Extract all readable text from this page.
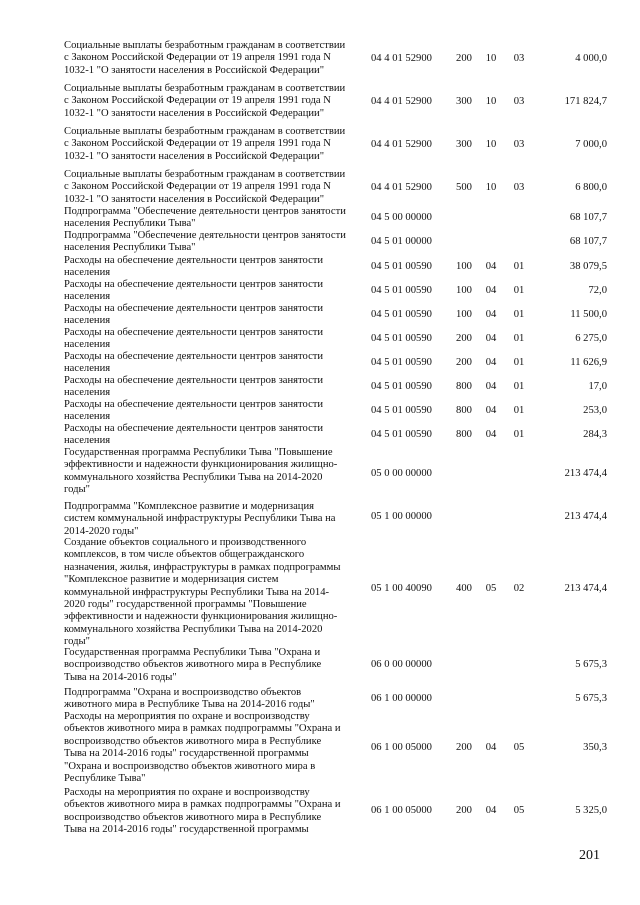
Социальные выплаты безработным гражданам в соответствии
с Законом Российской Федерации от 19 апреля 1991 года N
1032-1 "О занятости населения в Российской Федерации"
04 4 01 52900	200	10	03	4 000,0
Социальные выплаты безработным гражданам в соответствии
с Законом Российской Федерации от 19 апреля 1991 года N
1032-1 "О занятости населения в Российской Федерации"
04 4 01 52900	300	10	03	171 824,7
Социальные выплаты безработным гражданам в соответствии
с Законом Российской Федерации от 19 апреля 1991 года N
1032-1 "О занятости населения в Российской Федерации"
04 4 01 52900	300	10	03	7 000,0
Социальные выплаты безработным гражданам в соответствии
с Законом Российской Федерации от 19 апреля 1991 года N
1032-1 "О занятости населения в Российской Федерации"
04 4 01 52900	500	10	03	6 800,0
Подпрограмма "Обеспечение деятельности центров занятости
населения Республики Тыва"
04 5 00 00000	68 107,7
Подпрограмма "Обеспечение деятельности центров занятости
населения Республики Тыва"
04 5 01 00000	68 107,7
Расходы на обеспечение деятельности центров занятости
населения
04 5 01 00590	100	04	01	38 079,5
Расходы на обеспечение деятельности центров занятости
населения
04 5 01 00590	100	04	01	72,0
Расходы на обеспечение деятельности центров занятости
населения
04 5 01 00590	100	04	01	11 500,0
Расходы на обеспечение деятельности центров занятости
населения
04 5 01 00590	200	04	01	6 275,0
Расходы на обеспечение деятельности центров занятости
населения
04 5 01 00590	200	04	01	11 626,9
Расходы на обеспечение деятельности центров занятости
населения
04 5 01 00590	800	04	01	17,0
Расходы на обеспечение деятельности центров занятости
населения
04 5 01 00590	800	04	01	253,0
Расходы на обеспечение деятельности центров занятости
населения
04 5 01 00590	800	04	01	284,3
Государственная программа Республики Тыва "Повышение
эффективности и надежности функционирования жилищно-
коммунального хозяйства Республики Тыва на 2014-2020
годы"
05 0 00 00000	213 474,4
Подпрограмма "Комплексное развитие и модернизация
систем коммунальной инфраструктуры Республики Тыва на
2014-2020 годы"
05 1 00 00000	213 474,4
Создание объектов социального и производственного
комплексов, в том числе объектов общегражданского
назначения, жилья, инфраструктуры в рамках подпрограммы
"Комплексное развитие и модернизация систем
коммунальной инфраструктуры Республики Тыва на 2014-
2020 годы" государственной программы "Повышение
эффективности и надежности функционирования жилищно-
коммунального хозяйства Республики Тыва на 2014-2020
годы"
05 1 00 40090	400	05	02	213 474,4
Государственная программа Республики Тыва "Охрана и
воспроизводство объектов животного мира в Республике
Тыва на 2014-2016 годы"
06 0 00 00000	5 675,3
Подпрограмма "Охрана и воспроизводство объектов
животного мира в Республике Тыва на 2014-2016 годы"
06 1 00 00000	5 675,3
Расходы на мероприятия по охране и воспроизводству
объектов животного мира в рамках подпрограммы "Охрана и
воспроизводство объектов животного мира в Республике
Тыва на 2014-2016 годы" государственной программы
"Охрана и воспроизводство объектов животного мира в
Республике Тыва"
06 1 00 05000	200	04	05	350,3
Расходы на мероприятия по охране и воспроизводству
объектов животного мира в рамках подпрограммы "Охрана и
воспроизводство объектов животного мира в Республике
Тыва на 2014-2016 годы" государственной программы
06 1 00 05000	200	04	05	5 325,0
201
